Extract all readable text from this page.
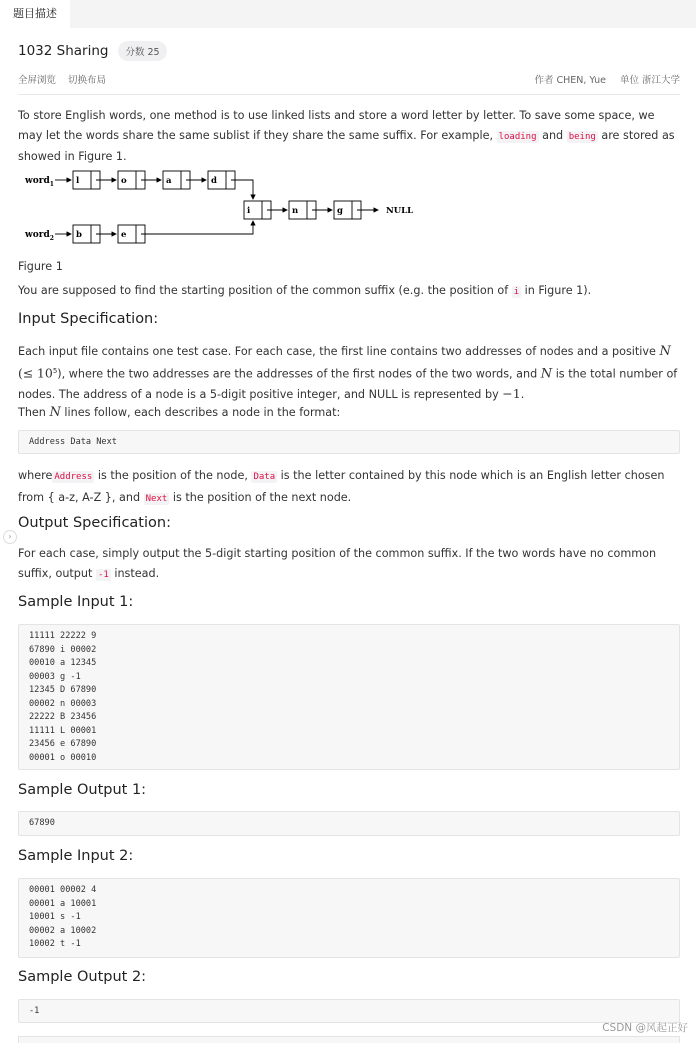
题目描述
1032 Sharing	分数 25
全屏浏览 切换布局	作者 CHEN, Yue 单位 浙江大学

To store English words, one method is to use linked lists and store a word letter by letter. To save some space, we may let the words share the same sublist if they share the same suffix. For example, loading and being are stored as showed in Figure 1.

word$_1$	l	o	a	d
i	n	g	NULL
word$_2$	b	e

Figure 1

You are supposed to find the starting position of the common suffix (e.g. the position of i in Figure 1).

Input Specification:

Each input file contains one test case. For each case, the first line contains two addresses of nodes and a positive N (≤ $10^5$), where the two addresses are the addresses of the first nodes of the two words, and N is the total number of nodes. The address of a node is a 5-digit positive integer, and NULL is represented by −1.

Then N lines follow, each describes a node in the format:

Address Data Next

where Address is the position of the node, Data is the letter contained by this node which is an English letter chosen from { a-z, A-Z }, and Next is the position of the next node.

›
Output Specification:

For each case, simply output the 5-digit starting position of the common suffix. If the two words have no common suffix, output -1 instead.

Sample Input 1:
11111 22222 9
67890 i 00002
00010 a 12345
00003 g -1
12345 D 67890
00002 n 00003
22222 B 23456
11111 L 00001
23456 e 67890
00001 o 00010
Sample Output 1:
67890
Sample Input 2:
00001 00002 4
00001 a 10001
10001 s -1
00002 a 10002
10002 t -1
Sample Output 2:
-1
CSDN @风起正好
